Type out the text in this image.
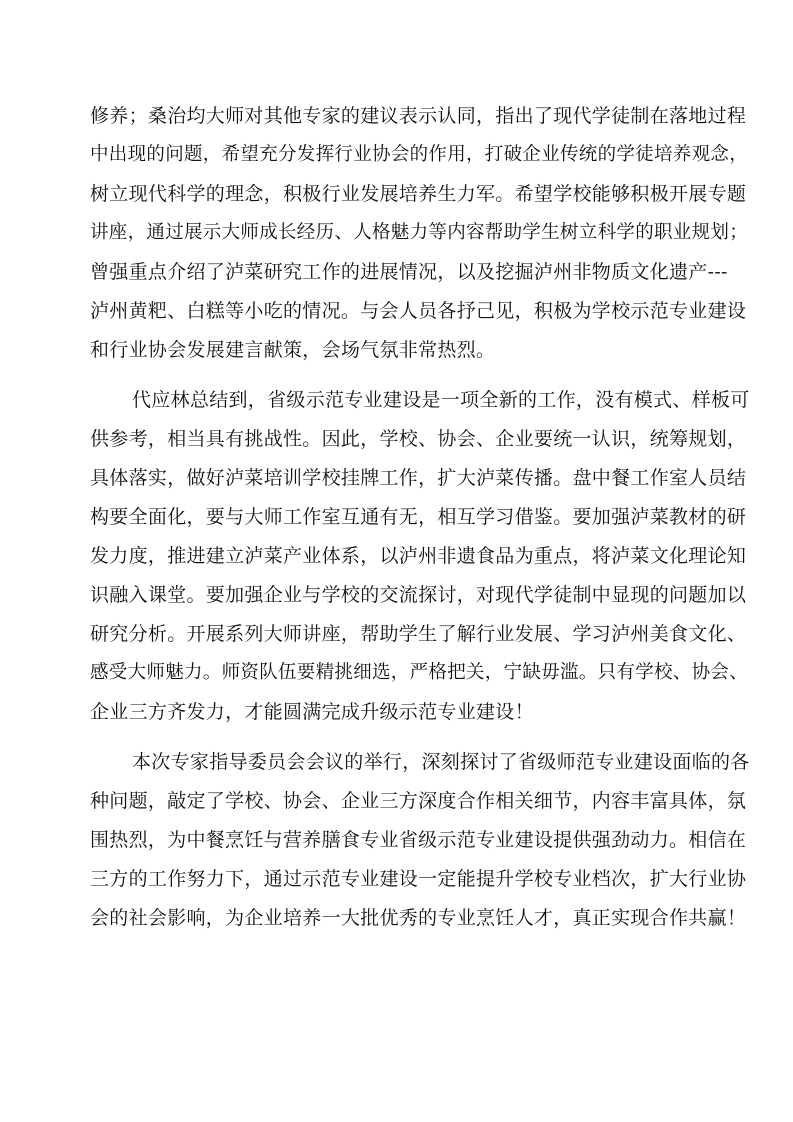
修养；桑治均大师对其他专家的建议表示认同，指出了现代学徒制在落地过程
中出现的问题，希望充分发挥行业协会的作用，打破企业传统的学徒培养观念，
树立现代科学的理念，积极行业发展培养生力军。希望学校能够积极开展专题
讲座，通过展示大师成长经历、人格魅力等内容帮助学生树立科学的职业规划；
曾强重点介绍了泸菜研究工作的进展情况，以及挖掘泸州非物质文化遗产---
泸州黄粑、白糕等小吃的情况。与会人员各抒己见，积极为学校示范专业建设
和行业协会发展建言献策，会场气氛非常热烈。
代应林总结到，省级示范专业建设是一项全新的工作，没有模式、样板可
供参考，相当具有挑战性。因此，学校、协会、企业要统一认识，统筹规划，
具体落实，做好泸菜培训学校挂牌工作，扩大泸菜传播。盘中餐工作室人员结
构要全面化，要与大师工作室互通有无，相互学习借鉴。要加强泸菜教材的研
发力度，推进建立泸菜产业体系，以泸州非遗食品为重点，将泸菜文化理论知
识融入课堂。要加强企业与学校的交流探讨，对现代学徒制中显现的问题加以
研究分析。开展系列大师讲座，帮助学生了解行业发展、学习泸州美食文化、
感受大师魅力。师资队伍要精挑细选，严格把关，宁缺毋滥。只有学校、协会、
企业三方齐发力，才能圆满完成升级示范专业建设！
本次专家指导委员会会议的举行，深刻探讨了省级师范专业建设面临的各
种问题，敲定了学校、协会、企业三方深度合作相关细节，内容丰富具体，氛
围热烈，为中餐烹饪与营养膳食专业省级示范专业建设提供强劲动力。相信在
三方的工作努力下，通过示范专业建设一定能提升学校专业档次，扩大行业协
会的社会影响，为企业培养一大批优秀的专业烹饪人才，真正实现合作共赢！
